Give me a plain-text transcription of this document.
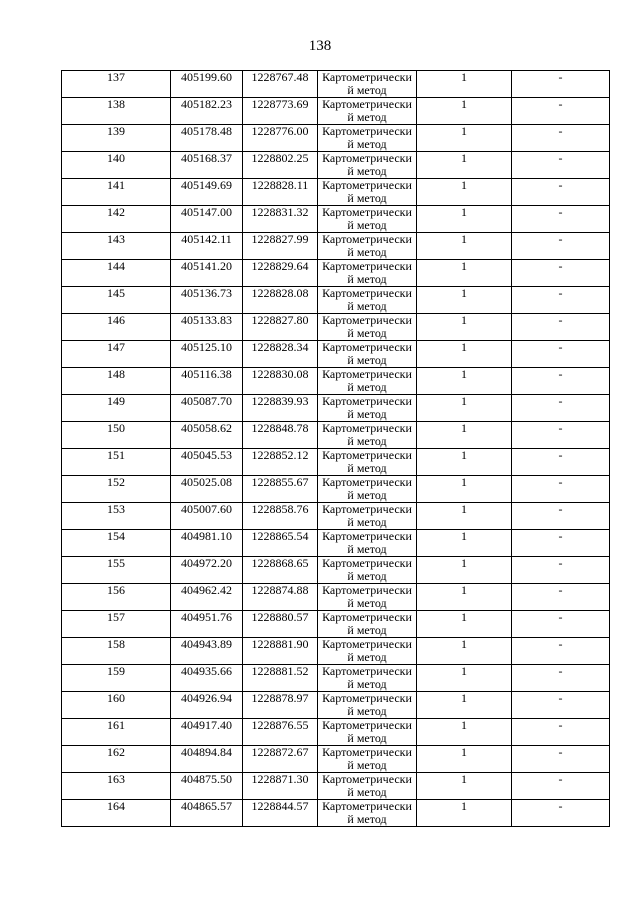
138
137	405199.60	1228767.48	Картометрически
й метод	1	-
138	405182.23	1228773.69	Картометрически
й метод	1	-
139	405178.48	1228776.00	Картометрически
й метод	1	-
140	405168.37	1228802.25	Картометрически
й метод	1	-
141	405149.69	1228828.11	Картометрически
й метод	1	-
142	405147.00	1228831.32	Картометрически
й метод	1	-
143	405142.11	1228827.99	Картометрически
й метод	1	-
144	405141.20	1228829.64	Картометрически
й метод	1	-
145	405136.73	1228828.08	Картометрически
й метод	1	-
146	405133.83	1228827.80	Картометрически
й метод	1	-
147	405125.10	1228828.34	Картометрически
й метод	1	-
148	405116.38	1228830.08	Картометрически
й метод	1	-
149	405087.70	1228839.93	Картометрически
й метод	1	-
150	405058.62	1228848.78	Картометрически
й метод	1	-
151	405045.53	1228852.12	Картометрически
й метод	1	-
152	405025.08	1228855.67	Картометрически
й метод	1	-
153	405007.60	1228858.76	Картометрически
й метод	1	-
154	404981.10	1228865.54	Картометрически
й метод	1	-
155	404972.20	1228868.65	Картометрически
й метод	1	-
156	404962.42	1228874.88	Картометрически
й метод	1	-
157	404951.76	1228880.57	Картометрически
й метод	1	-
158	404943.89	1228881.90	Картометрически
й метод	1	-
159	404935.66	1228881.52	Картометрически
й метод	1	-
160	404926.94	1228878.97	Картометрически
й метод	1	-
161	404917.40	1228876.55	Картометрически
й метод	1	-
162	404894.84	1228872.67	Картометрически
й метод	1	-
163	404875.50	1228871.30	Картометрически
й метод	1	-
164	404865.57	1228844.57	Картометрически
й метод	1	-
